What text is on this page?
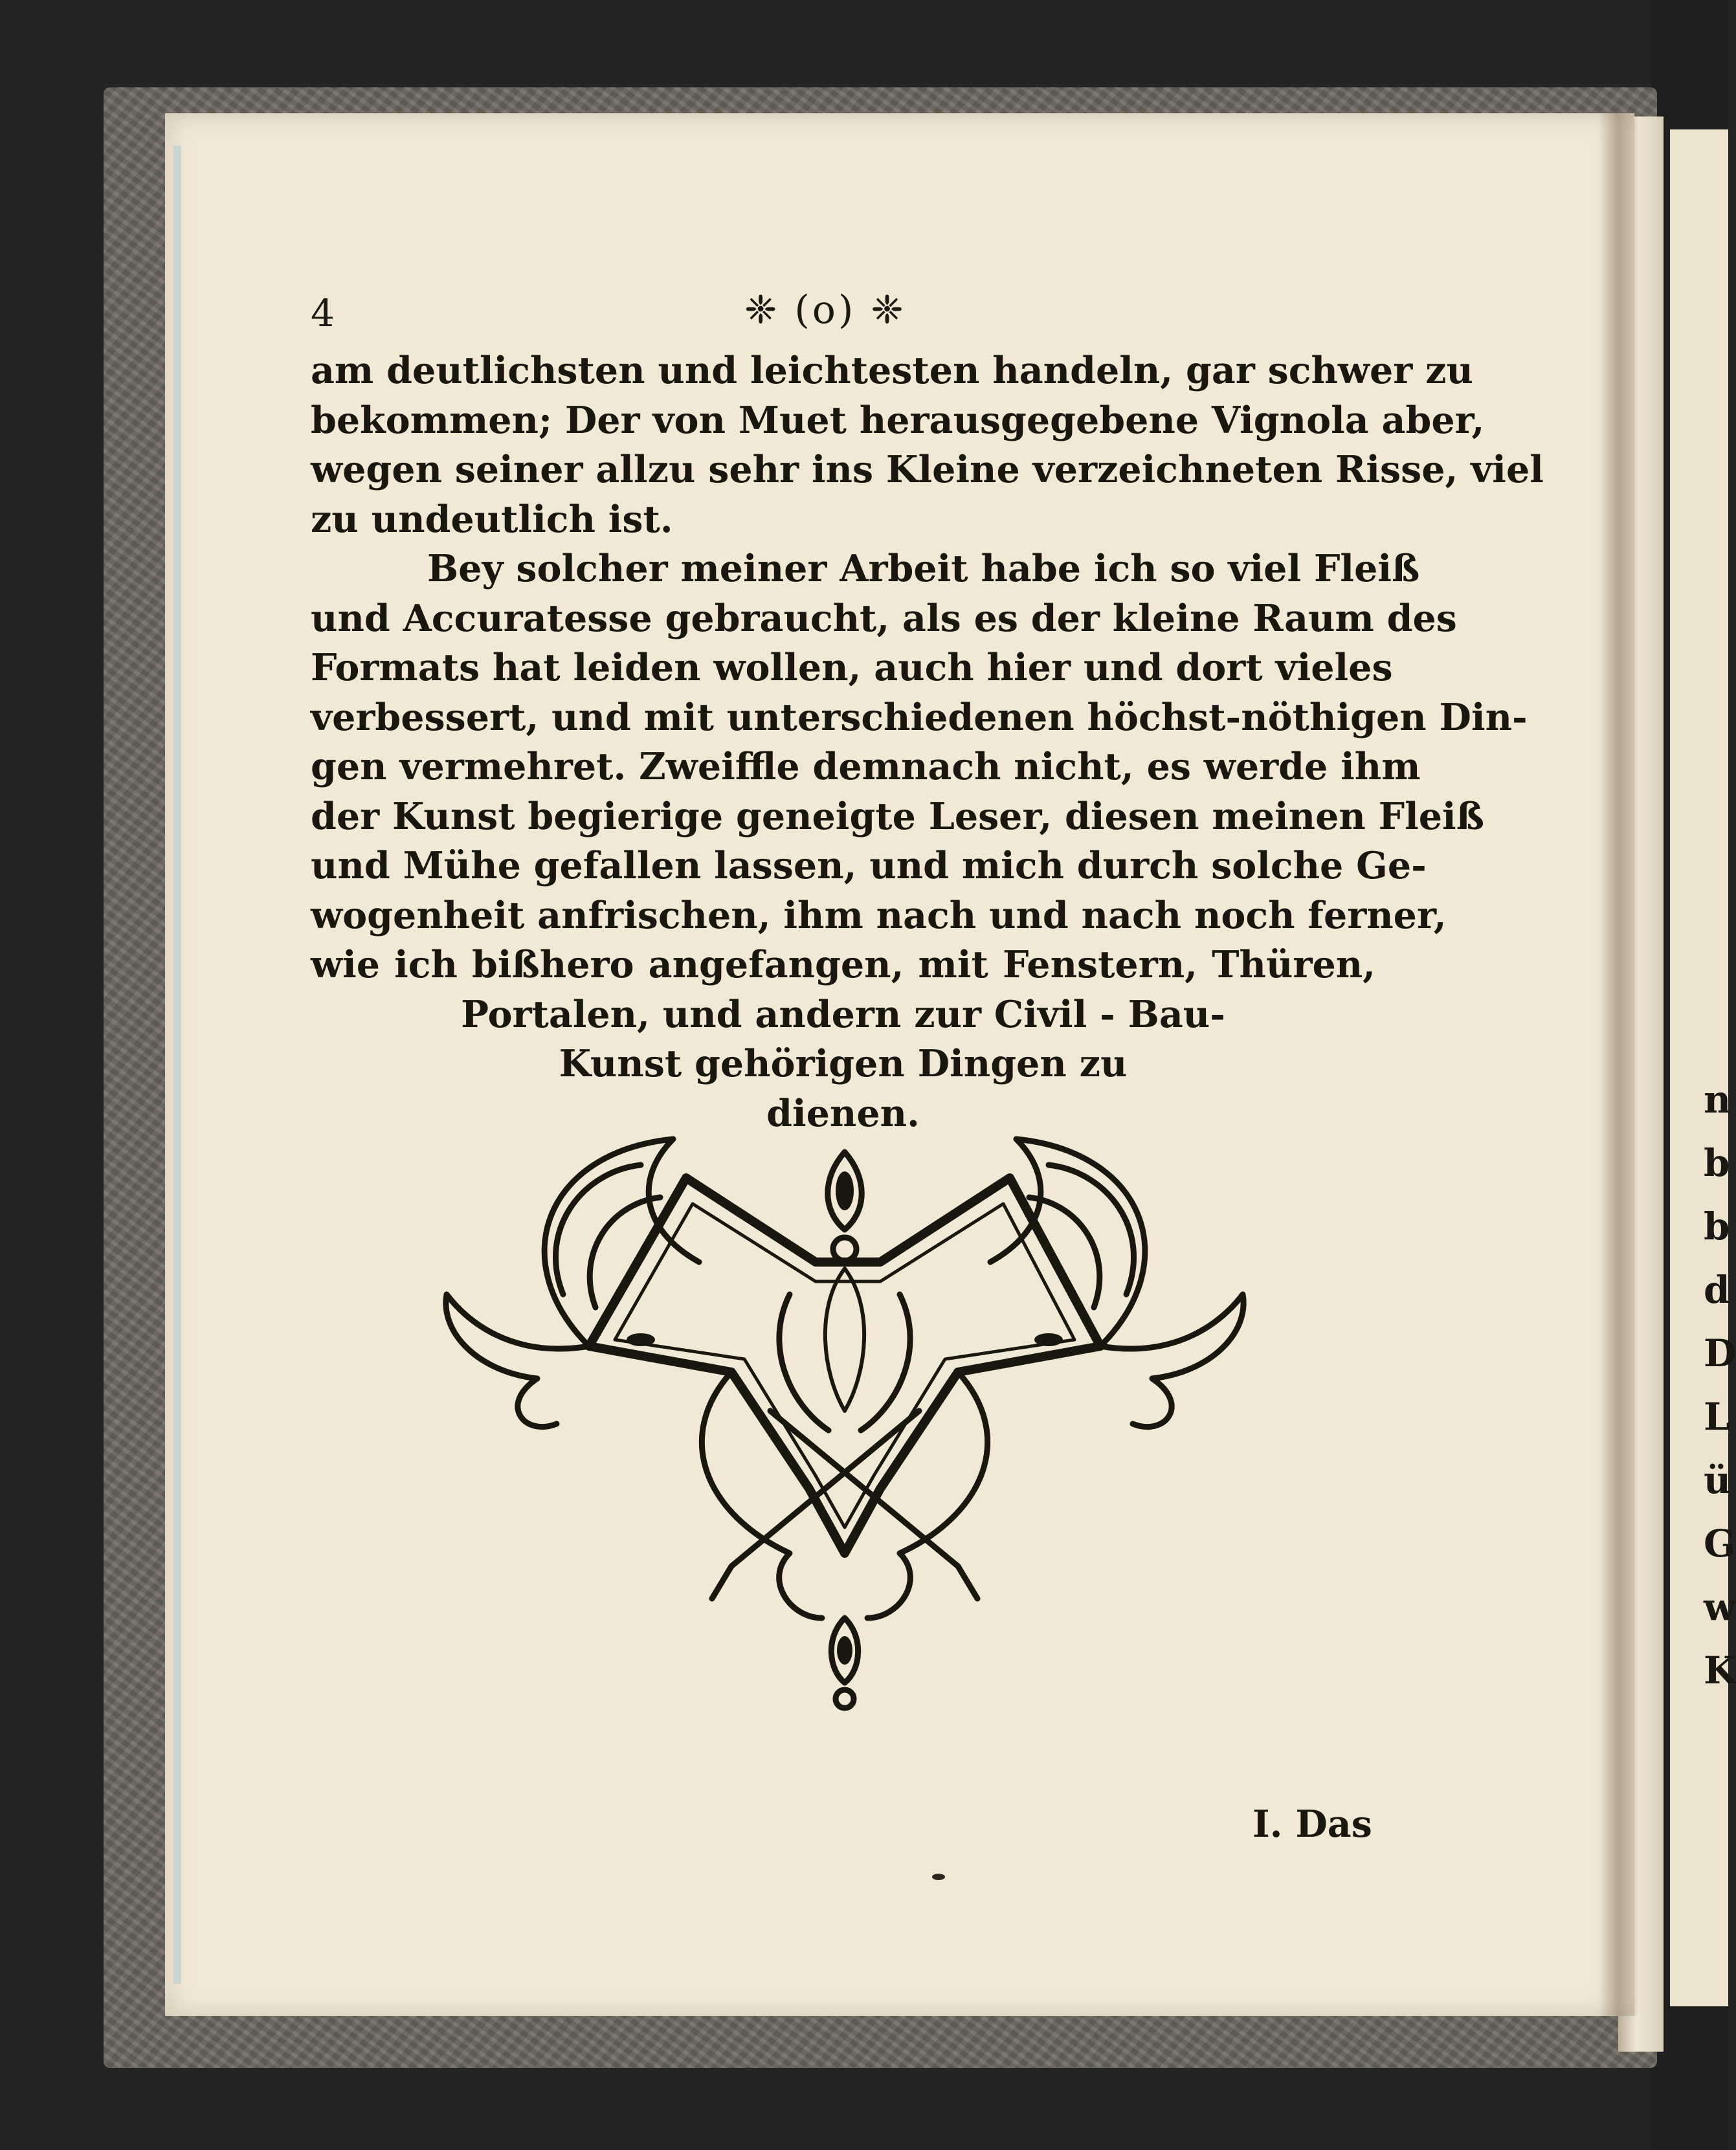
n
b
b
d
D
L
ü
G
w
K
4	❈ (o) ❈
am deutlichsten und leichtesten handeln, gar schwer zu
bekommen; Der von Muet herausgegebene Vignola aber,
wegen seiner allzu sehr ins Kleine verzeichneten Risse, viel
zu undeutlich ist.
Bey solcher meiner Arbeit habe ich so viel Fleiß
und Accuratesse gebraucht, als es der kleine Raum des
Formats hat leiden wollen, auch hier und dort vieles
verbessert, und mit unterschiedenen höchst-nöthigen Din-
gen vermehret. Zweiffle demnach nicht, es werde ihm
der Kunst begierige geneigte Leser, diesen meinen Fleiß
und Mühe gefallen lassen, und mich durch solche Ge-
wogenheit anfrischen, ihm nach und nach noch ferner,
wie ich bißhero angefangen, mit Fenstern, Thüren,
Portalen, und andern zur Civil - Bau-
Kunst gehörigen Dingen zu
dienen.
I. Das
